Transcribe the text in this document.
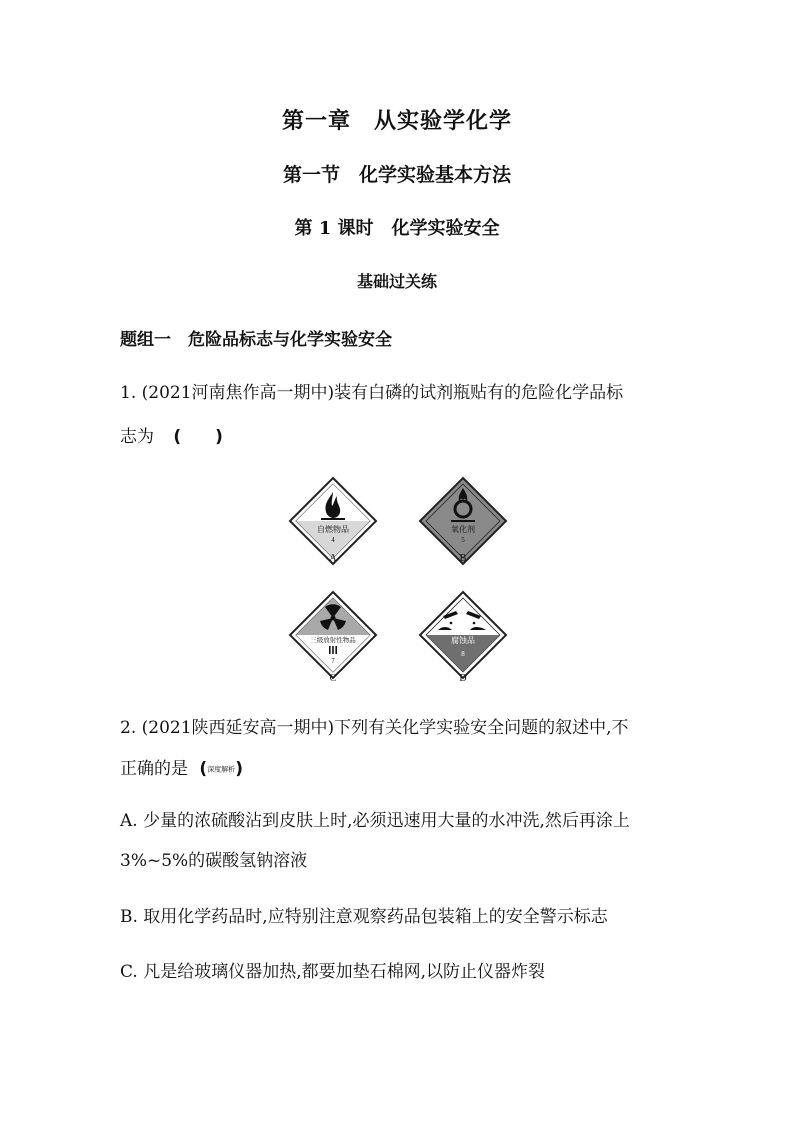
第一章　从实验学化学
第一节　化学实验基本方法
第 1 课时　化学实验安全
基础过关练
题组一　危险品标志与化学实验安全
1. (2021河南焦作高一期中)装有白磷的试剂瓶贴有的危险化学品标
志为 (　　)
自燃物品
4
A
氧化剂
5
B
三级放射性物品
7
C
腐蚀品
8
D
2. (2021陕西延安高一期中)下列有关化学实验安全问题的叙述中,不
正确的是 (深度解析)
A. 少量的浓硫酸沾到皮肤上时,必须迅速用大量的水冲洗,然后再涂上
3%~5%的碳酸氢钠溶液
B. 取用化学药品时,应特别注意观察药品包装箱上的安全警示标志
C. 凡是给玻璃仪器加热,都要加垫石棉网,以防止仪器炸裂
